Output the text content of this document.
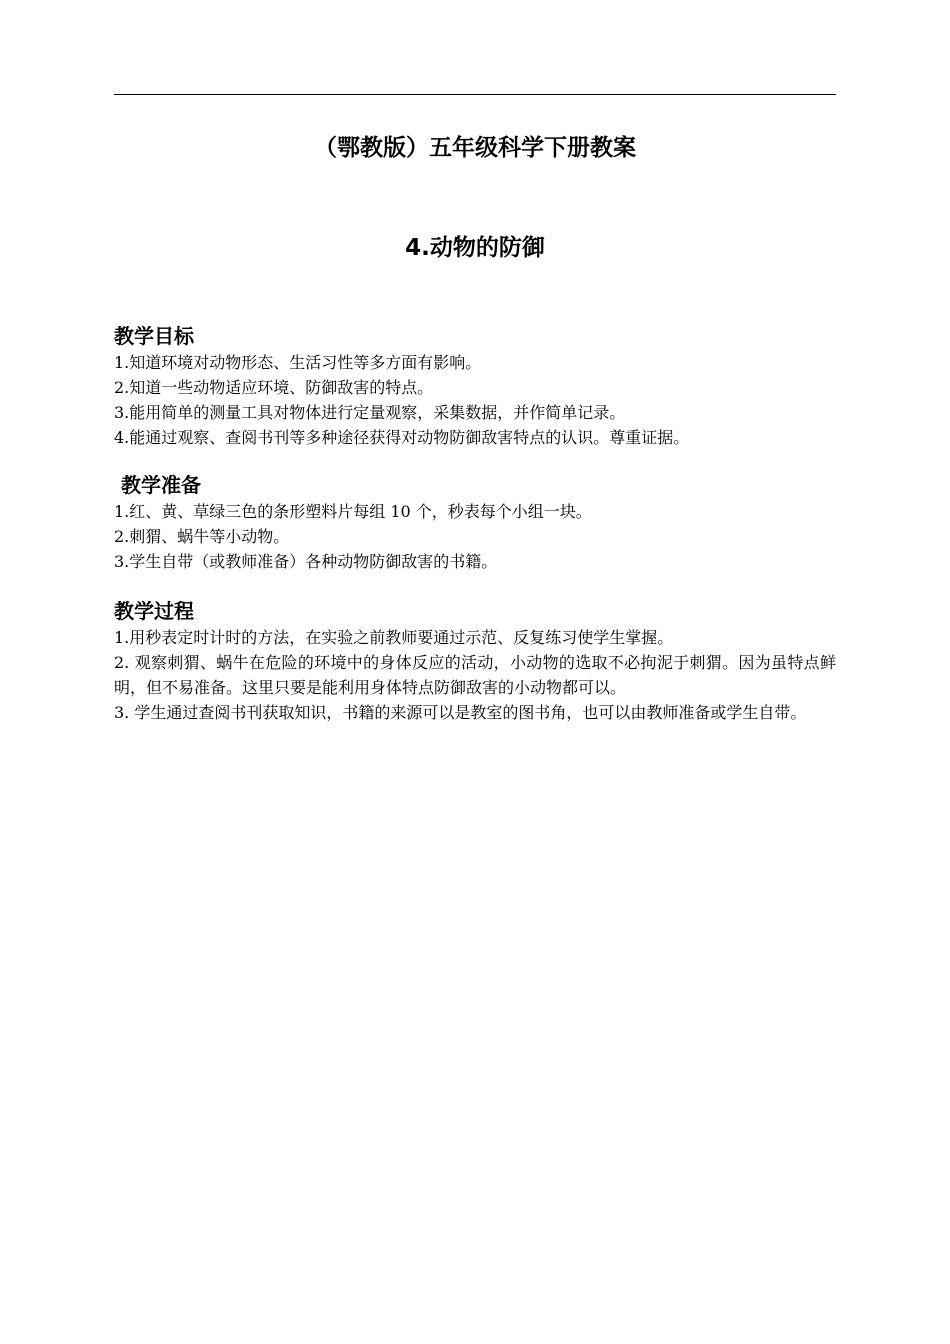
（鄂教版）五年级科学下册教案
4.动物的防御
教学目标

1.知道环境对动物形态、生活习性等多方面有影响。

2.知道一些动物适应环境、防御敌害的特点。

3.能用简单的测量工具对物体进行定量观察，采集数据，并作简单记录。

4.能通过观察、查阅书刊等多种途径获得对动物防御敌害特点的认识。尊重证据。

教学准备

1.红、黄、草绿三色的条形塑料片每组 10 个，秒表每个小组一块。

2.刺猬、蜗牛等小动物。

3.学生自带（或教师准备）各种动物防御敌害的书籍。

教学过程

1.用秒表定时计时的方法，在实验之前教师要通过示范、反复练习使学生掌握。

2. 观察刺猬、蜗牛在危险的环境中的身体反应的活动，小动物的选取不必拘泥于刺猬。因为虽特点鲜明，但不易准备。这里只要是能利用身体特点防御敌害的小动物都可以。

3. 学生通过查阅书刊获取知识，书籍的来源可以是教室的图书角，也可以由教师准备或学生自带。
